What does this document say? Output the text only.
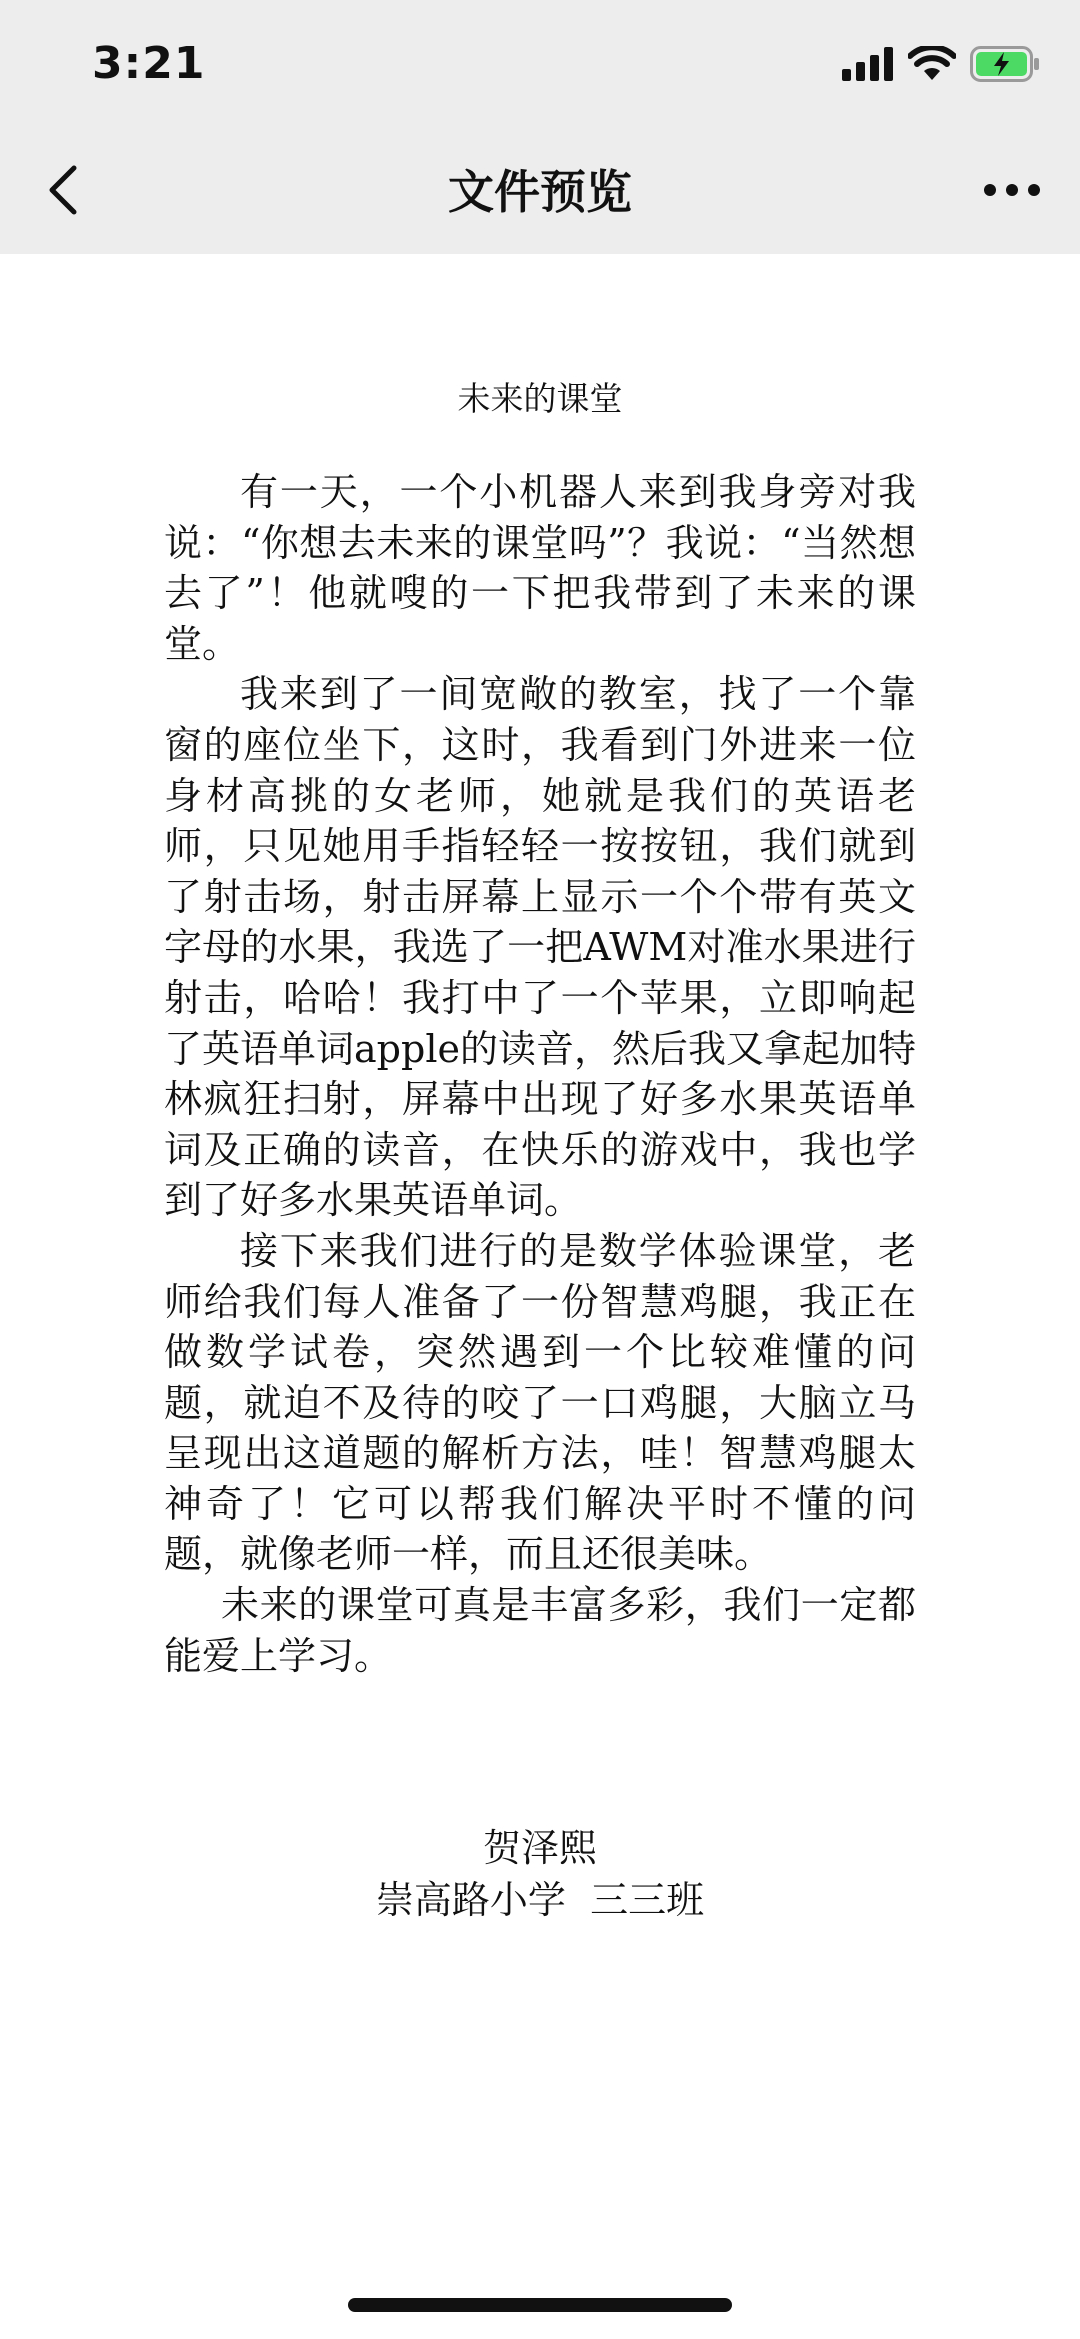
3:21
文件预览
未来的课堂

有一天，一个小机器人来到我身旁对我说：“你想去未来的课堂吗”？我说：“当然想去了”！他就嗖的一下把我带到了未来的课堂。

我来到了一间宽敞的教室，找了一个靠窗的座位坐下，这时，我看到门外进来一位身材高挑的女老师，她就是我们的英语老师，只见她用手指轻轻一按按钮，我们就到了射击场，射击屏幕上显示一个个带有英文字母的水果，我选了一把AWM对准水果进行射击，哈哈！我打中了一个苹果，立即响起了英语单词apple的读音，然后我又拿起加特林疯狂扫射，屏幕中出现了好多水果英语单词及正确的读音，在快乐的游戏中，我也学到了好多水果英语单词。

接下来我们进行的是数学体验课堂，老师给我们每人准备了一份智慧鸡腿，我正在做数学试卷，突然遇到一个比较难懂的问题，就迫不及待的咬了一口鸡腿，大脑立马呈现出这道题的解析方法，哇！智慧鸡腿太神奇了！它可以帮我们解决平时不懂的问题，就像老师一样，而且还很美味。

未来的课堂可真是丰富多彩，我们一定都能爱上学习。

贺泽熙
崇高路小学  三三班
